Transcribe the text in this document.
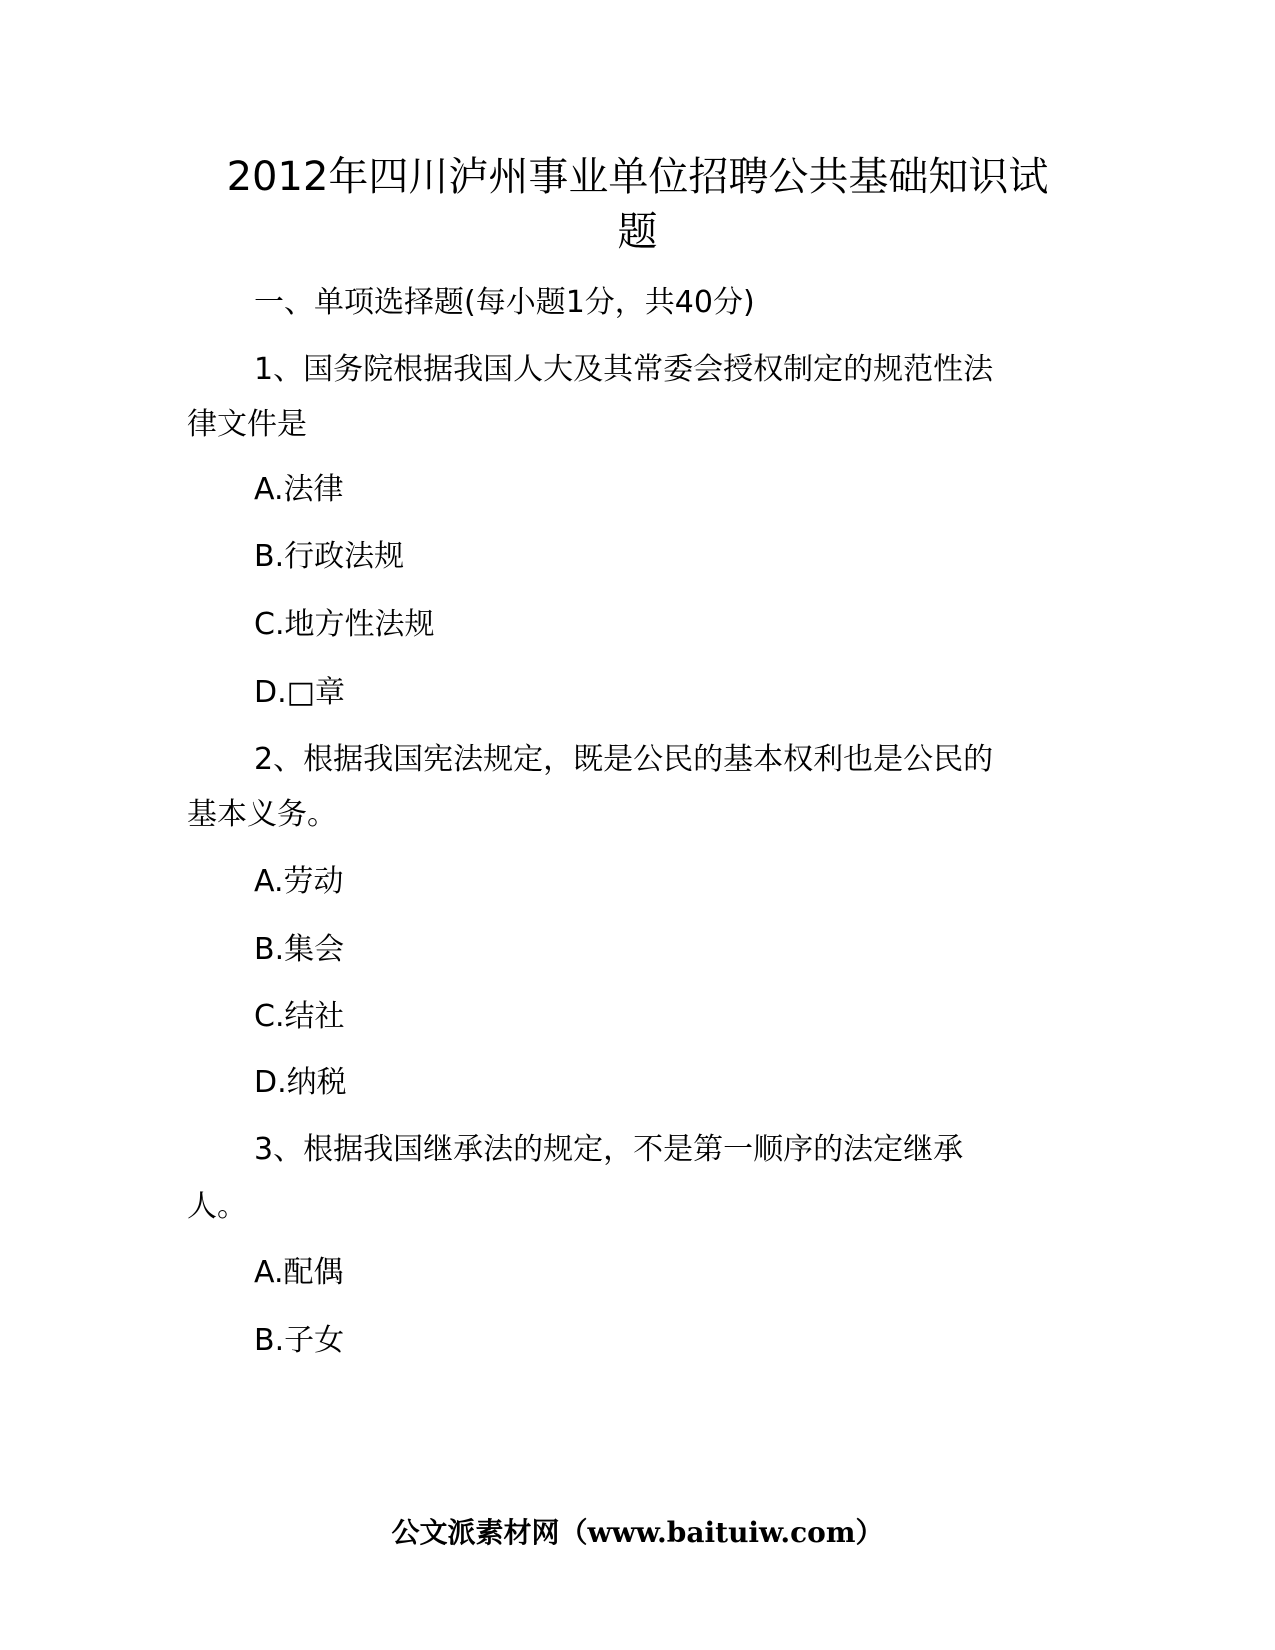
2012年四川泸州事业单位招聘公共基础知识试
题

一、单项选择题(每小题1分，共40分)

1、国务院根据我国人大及其常委会授权制定的规范性法

律文件是

A.法律

B.行政法规

C.地方性法规

D.□章

2、根据我国宪法规定，既是公民的基本权利也是公民的

基本义务。

A.劳动

B.集会

C.结社

D.纳税

3、根据我国继承法的规定，不是第一顺序的法定继承

人。

A.配偶

B.子女

公文派素材网（www.baituiw.com）
